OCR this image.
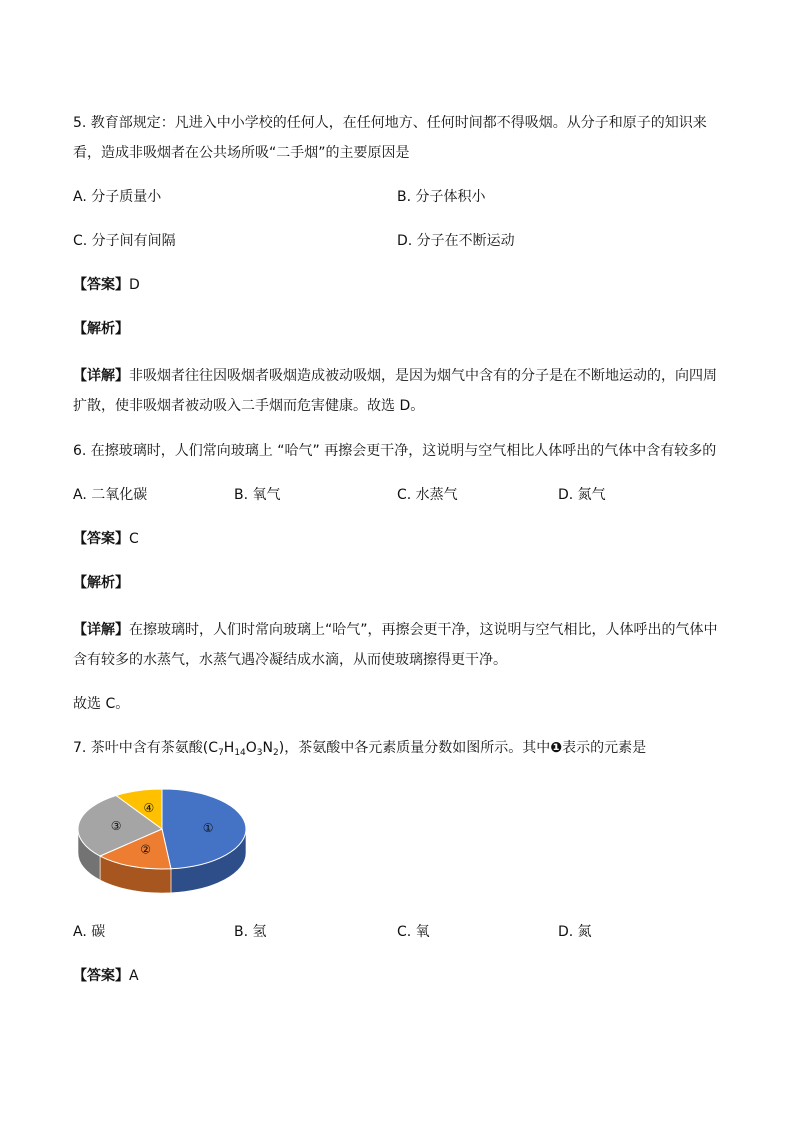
5. 教育部规定：凡进入中小学校的任何人，在任何地方、任何时间都不得吸烟。从分子和原子的知识来
看，造成非吸烟者在公共场所吸“二手烟”的主要原因是
A. 分子质量小	B. 分子体积小
C. 分子间有间隔	D. 分子在不断运动
【答案】D
【解析】
【详解】非吸烟者往往因吸烟者吸烟造成被动吸烟，是因为烟气中含有的分子是在不断地运动的，向四周
扩散，使非吸烟者被动吸入二手烟而危害健康。故选 D。
6. 在擦玻璃时，人们常向玻璃上 “哈气” 再擦会更干净，这说明与空气相比人体呼出的气体中含有较多的
A. 二氧化碳	B. 氧气	C. 水蒸气	D. 氮气
【答案】C
【解析】
【详解】在擦玻璃时，人们时常向玻璃上“哈气”，再擦会更干净，这说明与空气相比，人体呼出的气体中
含有较多的水蒸气，水蒸气遇冷凝结成水滴，从而使玻璃擦得更干净。
故选 C。
7. 茶叶中含有茶氨酸$(C_7H_{14}O_3N_2)$，茶氨酸中各元素质量分数如图所示。其中❶表示的元素是
①
②
③
④
A. 碳	B. 氢	C. 氧	D. 氮
【答案】A
